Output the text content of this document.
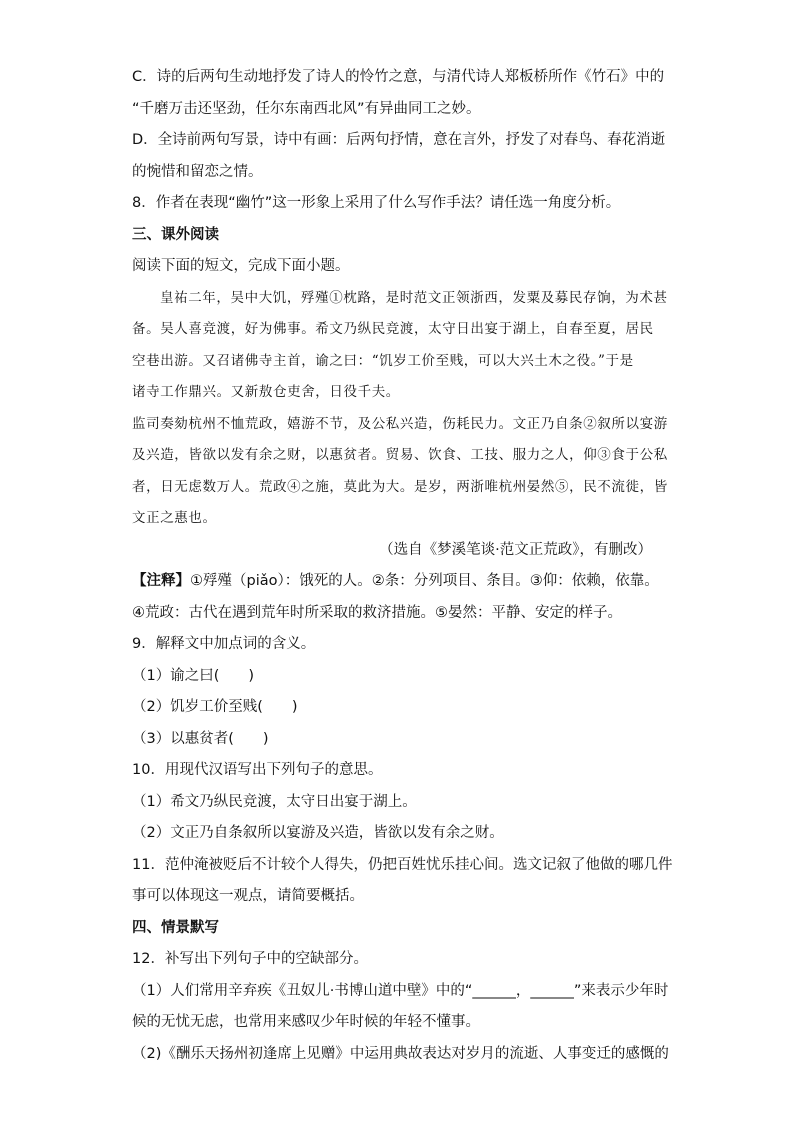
C．诗的后两句生动地抒发了诗人的怜竹之意，与清代诗人郑板桥所作《竹石》中的

“千磨万击还坚劲，任尔东南西北风”有异曲同工之妙。

D．全诗前两句写景，诗中有画：后两句抒情，意在言外，抒发了对春鸟、春花消逝

的惋惜和留恋之情。

8．作者在表现“幽竹”这一形象上采用了什么写作手法？请任选一角度分析。

三、课外阅读

阅读下面的短文，完成下面小题。

皇祐二年，吴中大饥，殍殣①枕路，是时范文正领浙西，发粟及募民存饷，为术甚

备。吴人喜竞渡，好为佛事。希文乃纵民竞渡，太守日出宴于湖上，自春至夏，居民

空巷出游。又召诸佛寺主首，谕之曰：“饥岁工价至贱，可以大兴土木之役。”于是

诸寺工作鼎兴。又新敖仓吏舍，日役千夫。

监司奏劾杭州不恤荒政，嬉游不节，及公私兴造，伤耗民力。文正乃自条②叙所以宴游

及兴造，皆欲以发有余之财，以惠贫者。贸易、饮食、工技、服力之人，仰③食于公私

者，日无虑数万人。荒政④之施，莫此为大。是岁，两浙唯杭州晏然⑤，民不流徙，皆

文正之惠也。

（选自《梦溪笔谈·范文正荒政》，有删改）

【注释】①殍殣（piǎo）：饿死的人。②条：分列项目、条目。③仰：依赖，依靠。

④荒政：古代在遇到荒年时所采取的救济措施。⑤晏然：平静、安定的样子。

9．解释文中加点词的含义。

（1）谕之曰(　　)

（2）饥岁工价至贱(　　)

（3）以惠贫者(　　)

10．用现代汉语写出下列句子的意思。

（1）希文乃纵民竞渡，太守日出宴于湖上。

（2）文正乃自条叙所以宴游及兴造，皆欲以发有余之财。

11．范仲淹被贬后不计较个人得失，仍把百姓忧乐挂心间。选文记叙了他做的哪几件

事可以体现这一观点，请简要概括。

四、情景默写

12．补写出下列句子中的空缺部分。

（1）人们常用辛弃疾《丑奴儿·书博山道中壁》中的“______，______”来表示少年时

候的无忧无虑，也常用来感叹少年时候的年轻不懂事。

（2)《酬乐天扬州初逢席上见赠》中运用典故表达对岁月的流逝、人事变迁的感慨的
